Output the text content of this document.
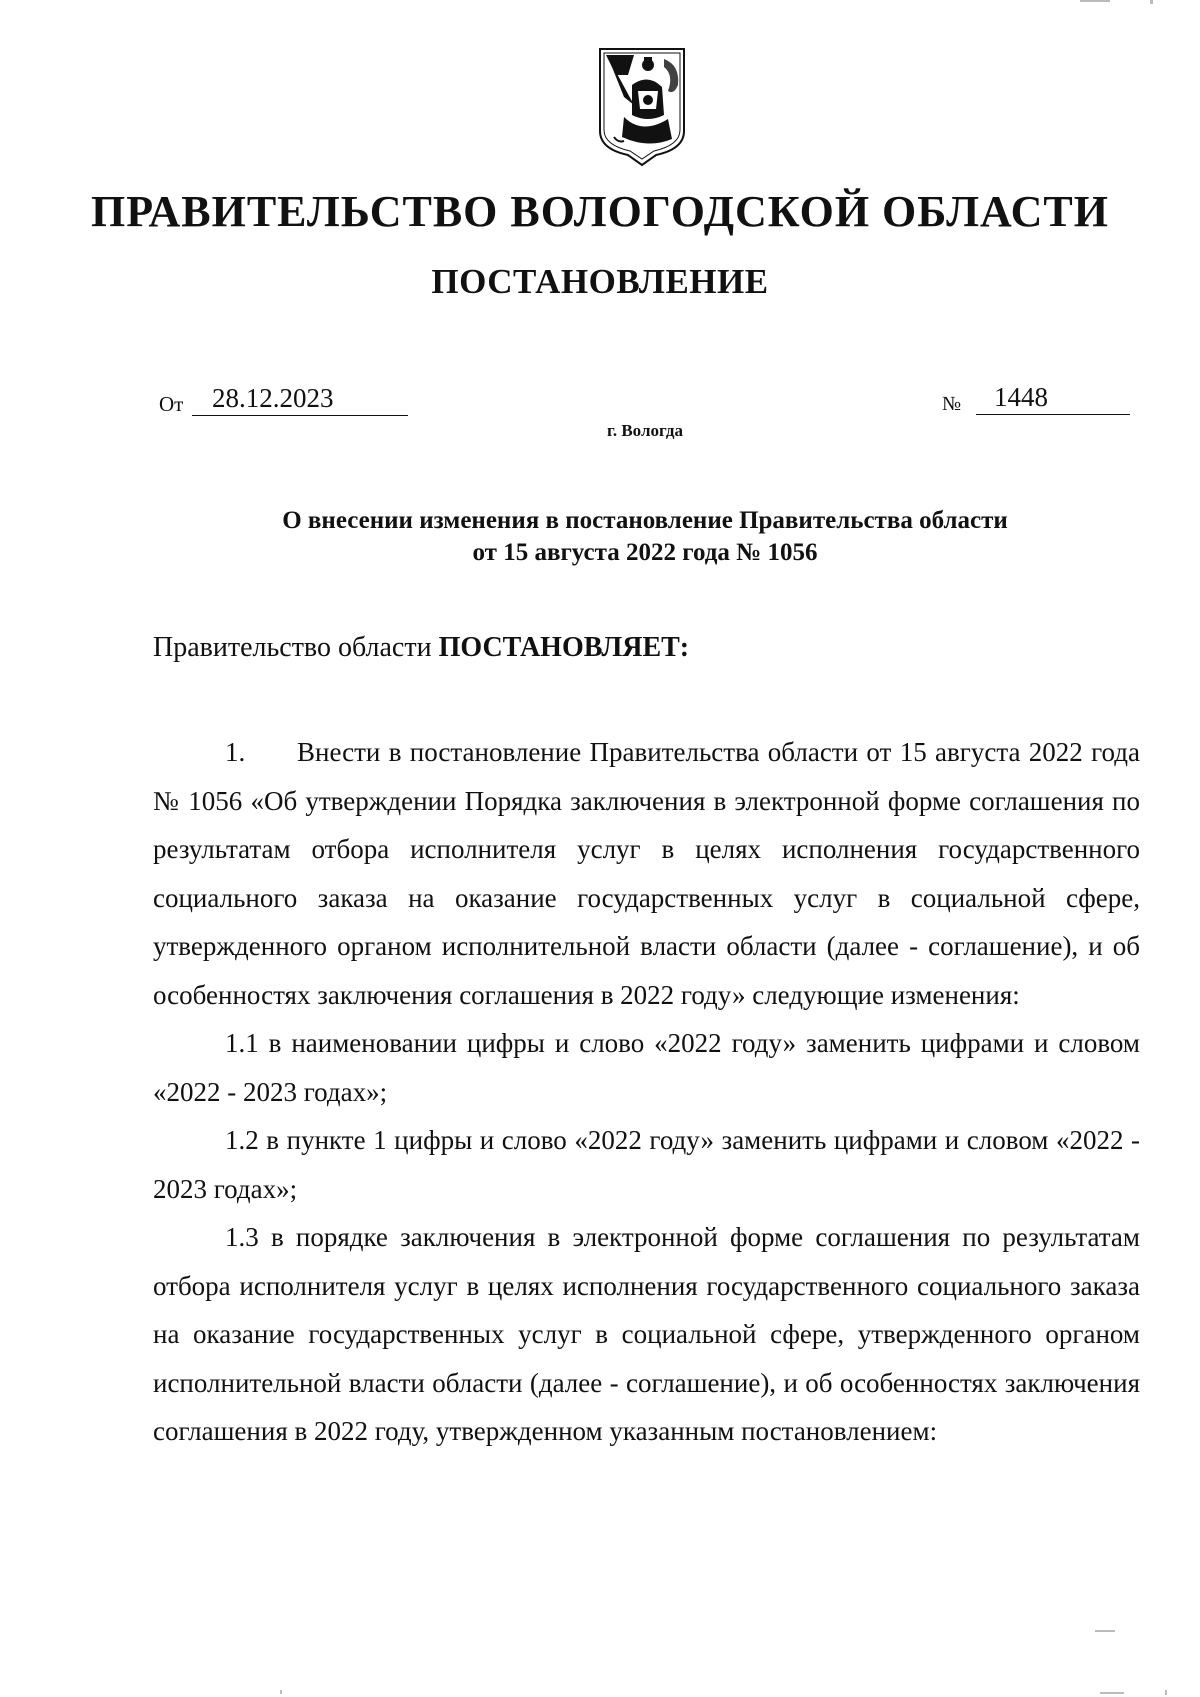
ПРАВИТЕЛЬСТВО ВОЛОГОДСКОЙ ОБЛАСТИ
ПОСТАНОВЛЕНИЕ
От	28.12.2023	№	1448
г. Вологда
О внесении изменения в постановление Правительства области
от 15 августа 2022 года № 1056
Правительство области ПОСТАНОВЛЯЕТ:

1. Внести в постановление Правительства области от 15 августа 2022 года № 1056 «Об утверждении Порядка заключения в электронной форме соглашения по результатам отбора исполнителя услуг в целях исполнения государственного социального заказа на оказание государственных услуг в социальной сфере, утвержденного органом исполнительной власти области (далее - соглашение), и об особенностях заключения соглашения в 2022 году» следующие изменения:

1.1 в наименовании цифры и слово «2022 году» заменить цифрами и словом «2022 - 2023 годах»;

1.2 в пункте 1 цифры и слово «2022 году» заменить цифрами и словом «2022 - 2023 годах»;

1.3 в порядке заключения в электронной форме соглашения по результатам отбора исполнителя услуг в целях исполнения государственного социального заказа на оказание государственных услуг в социальной сфере, утвержденного органом исполнительной власти области (далее - соглашение), и об особенностях заключения соглашения в 2022 году, утвержденном указанным постановлением:
